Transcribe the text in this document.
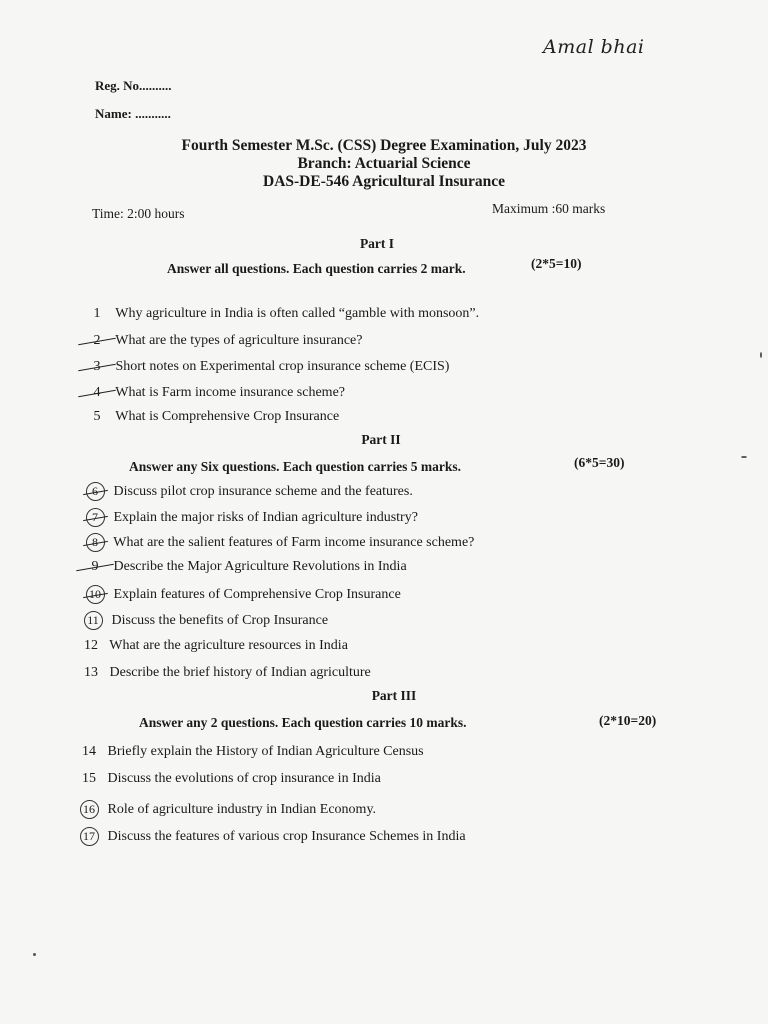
Amal bhai
Reg. No..........
Name: ...........
Fourth Semester M.Sc. (CSS) Degree Examination, July 2023
Branch: Actuarial Science
DAS-DE-546 Agricultural Insurance
Time: 2:00 hours	Maximum :60 marks
Part I
Answer all questions. Each question carries 2 mark.	(2*5=10)
1 Why agriculture in India is often called “gamble with monsoon”.
2 What are the types of agriculture insurance?
3 Short notes on Experimental crop insurance scheme (ECIS)
4 What is Farm income insurance scheme?
5 What is Comprehensive Crop Insurance
Part II
Answer any Six questions. Each question carries 5 marks.	(6*5=30)
6 Discuss pilot crop insurance scheme and the features.
7 Explain the major risks of Indian agriculture industry?
8 What are the salient features of Farm income insurance scheme?
9 Describe the Major Agriculture Revolutions in India
10 Explain features of Comprehensive Crop Insurance
11 Discuss the benefits of Crop Insurance
12 What are the agriculture resources in India
13 Describe the brief history of Indian agriculture
Part III
Answer any 2 questions. Each question carries 10 marks.	(2*10=20)
14 Briefly explain the History of Indian Agriculture Census
15 Discuss the evolutions of crop insurance in India
16 Role of agriculture industry in Indian Economy.
17 Discuss the features of various crop Insurance Schemes in India
